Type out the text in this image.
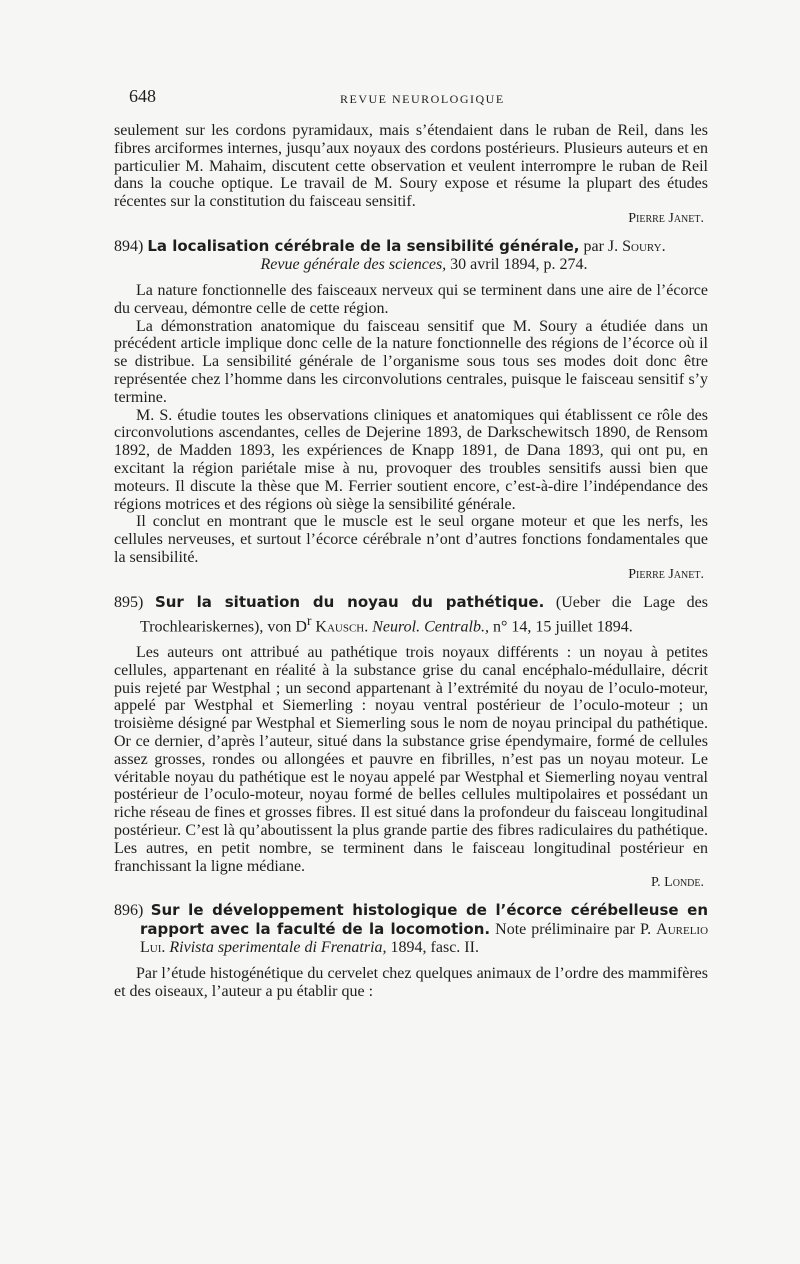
648	REVUE NEUROLOGIQUE

seulement sur les cordons pyramidaux, mais s’étendaient dans le ruban de Reil, dans les fibres arciformes internes, jusqu’aux noyaux des cordons postérieurs. Plusieurs auteurs et en particulier M. Mahaim, discutent cette observation et veulent interrompre le ruban de Reil dans la couche optique. Le travail de M. Soury expose et résume la plupart des études récentes sur la constitution du faisceau sensitif.

Pierre Janet.

894) La localisation cérébrale de la sensibilité générale, par J. Soury.
Revue générale des sciences, 30 avril 1894, p. 274.

La nature fonctionnelle des faisceaux nerveux qui se terminent dans une aire de l’écorce du cerveau, démontre celle de cette région.

La démonstration anatomique du faisceau sensitif que M. Soury a étudiée dans un précédent article implique donc celle de la nature fonctionnelle des régions de l’écorce où il se distribue. La sensibilité générale de l’organisme sous tous ses modes doit donc être représentée chez l’homme dans les circonvolutions centrales, puisque le faisceau sensitif s’y termine.

M. S. étudie toutes les observations cliniques et anatomiques qui établissent ce rôle des circonvolutions ascendantes, celles de Dejerine 1893, de Darkschewitsch 1890, de Rensom 1892, de Madden 1893, les expériences de Knapp 1891, de Dana 1893, qui ont pu, en excitant la région pariétale mise à nu, provoquer des troubles sensitifs aussi bien que moteurs. Il discute la thèse que M. Ferrier soutient encore, c’est-à-dire l’indépendance des régions motrices et des régions où siège la sensibilité générale.

Il conclut en montrant que le muscle est le seul organe moteur et que les nerfs, les cellules nerveuses, et surtout l’écorce cérébrale n’ont d’autres fonctions fondamentales que la sensibilité.

Pierre Janet.

895) Sur la situation du noyau du pathétique. (Ueber die Lage des Trochleariskernes), von $D^r$ Kausch. Neurol. Centralb., n° 14, 15 juillet 1894.

Les auteurs ont attribué au pathétique trois noyaux différents : un noyau à petites cellules, appartenant en réalité à la substance grise du canal encéphalo-médullaire, décrit puis rejeté par Westphal ; un second appartenant à l’extrémité du noyau de l’oculo-moteur, appelé par Westphal et Siemerling : noyau ventral postérieur de l’oculo-moteur ; un troisième désigné par Westphal et Siemerling sous le nom de noyau principal du pathétique. Or ce dernier, d’après l’auteur, situé dans la substance grise épendymaire, formé de cellules assez grosses, rondes ou allongées et pauvre en fibrilles, n’est pas un noyau moteur. Le véritable noyau du pathétique est le noyau appelé par Westphal et Siemerling noyau ventral postérieur de l’oculo-moteur, noyau formé de belles cellules multipolaires et possédant un riche réseau de fines et grosses fibres. Il est situé dans la profondeur du faisceau longitudinal postérieur. C’est là qu’aboutissent la plus grande partie des fibres radiculaires du pathétique. Les autres, en petit nombre, se terminent dans le faisceau longitudinal postérieur en franchissant la ligne médiane.

P. Londe.

896) Sur le développement histologique de l’écorce cérébelleuse en rapport avec la faculté de la locomotion. Note préliminaire par P. Aurelio Lui. Rivista sperimentale di Frenatria, 1894, fasc. II.

Par l’étude histogénétique du cervelet chez quelques animaux de l’ordre des mammifères et des oiseaux, l’auteur a pu établir que :
